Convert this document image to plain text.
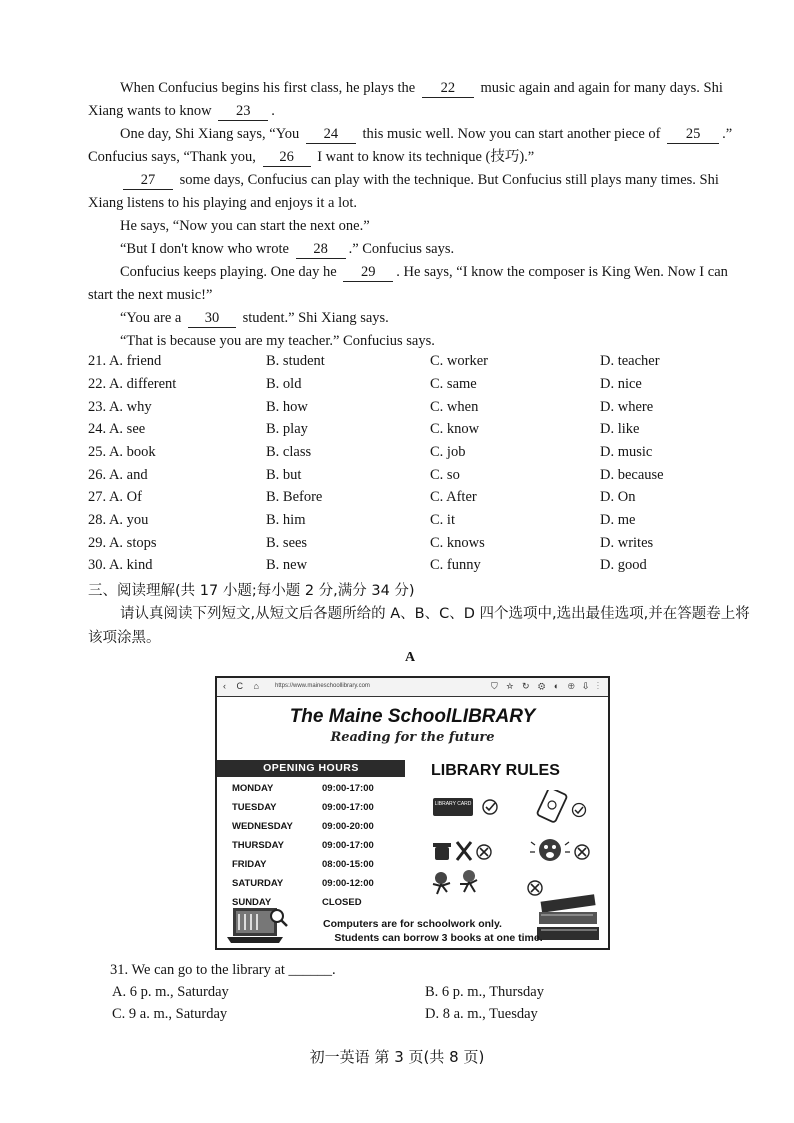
When Confucius begins his first class, he plays the 22 music again and again for many days. Shi Xiang wants to know 23 .
One day, Shi Xiang says, “You 24 this music well. Now you can start another piece of 25 .” Confucius says, “Thank you, 26 I want to know its technique (技巧).”
27 some days, Confucius can play with the technique. But Confucius still plays many times. Shi Xiang listens to his playing and enjoys it a lot.
He says, “Now you can start the next one.”
“But I don't know who wrote 28 .” Confucius says.
Confucius keeps playing. One day he 29 . He says, “I know the composer is King Wen. Now I can start the next music!”
“You are a 30 student.” Shi Xiang says.
“That is because you are my teacher.” Confucius says.
21. A. friend	B. student	C. worker	D. teacher
22. A. different	B. old	C. same	D. nice
23. A. why	B. how	C. when	D. where
24. A. see	B. play	C. know	D. like
25. A. book	B. class	C. job	D. music
26. A. and	B. but	C. so	D. because
27. A. Of	B. Before	C. After	D. On
28. A. you	B. him	C. it	D. me
29. A. stops	B. sees	C. knows	D. writes
30. A. kind	B. new	C. funny	D. good
三、阅读理解(共 17 小题;每小题 2 分,满分 34 分)
请认真阅读下列短文,从短文后各题所给的 A、B、C、D 四个选项中,选出最佳选项,并在答题卷上将该项涂黑。
A
‹ C ⌂ https://www.maineschoollibrary.com	⛉ ☆ ↻ ⚙ ◐ ⊕ ⇩ ⋮
The Maine SchoolLIBRARY
Reading for the future
OPENING HOURS
MONDAY	09:00-17:00
TUESDAY	09:00-17:00
WEDNESDAY	09:00-20:00
THURSDAY	09:00-17:00
FRIDAY	08:00-15:00
SATURDAY	09:00-12:00
SUNDAY	CLOSED
LIBRARY RULES
LIBRARY CARD
Computers are for schoolwork only.
Students can borrow 3 books at one time.
31. We can go to the library at ______.
A. 6 p. m., Saturday	B. 6 p. m., Thursday
C. 9 a. m., Saturday	D. 8 a. m., Tuesday
初一英语 第 3 页(共 8 页)
